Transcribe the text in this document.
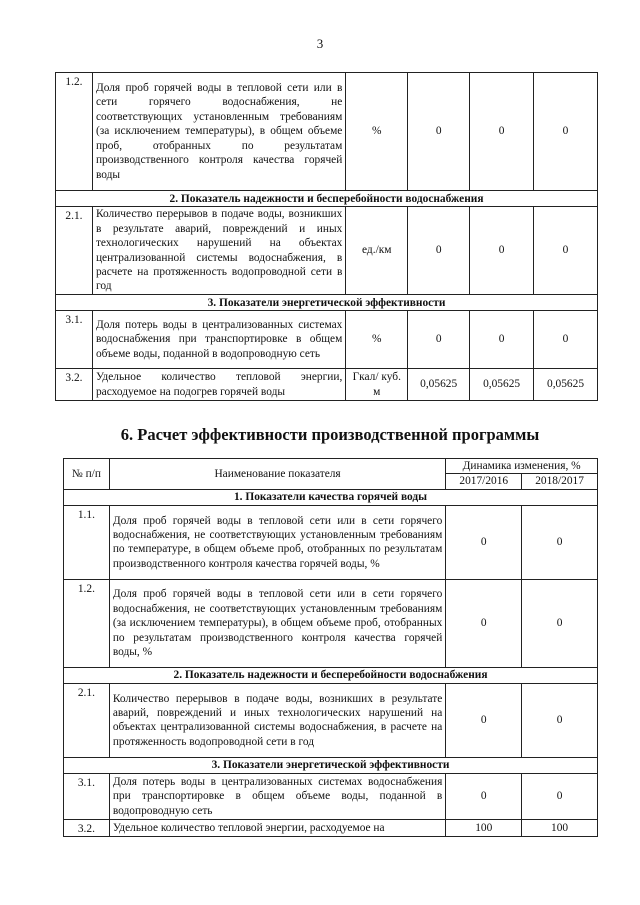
3
1.2.	Доля проб горячей воды в тепловой сети или в сети горячего водоснабжения, не соответствующих установленным требованиям (за исключением температуры), в общем объеме проб, отобранных по результатам производственного контроля качества горячей воды	%	0	0	0
2. Показатель надежности и бесперебойности водоснабжения					
2.1.	Количество перерывов в подаче воды, возникших в результате аварий, повреждений и иных технологических нарушений на объектах централизованной системы водоснабжения, в расчете на протяженность водопроводной сети в год	ед./км	0	0	0
3. Показатели энергетической эффективности					
3.1.	Доля потерь воды в централизованных системах водоснабжения при транспортировке в общем объеме воды, поданной в водопроводную сеть	%	0	0	0
3.2.	Удельное количество тепловой энергии, расходуемое на подогрев горячей воды	Гкал/ куб. м	0,05625	0,05625	0,05625
6. Расчет эффективности производственной программы
№ п/п	Наименование показателя	Динамика изменения, %	
		2017/2016	2018/2017
1. Показатели качества горячей воды			
1.1.	Доля проб горячей воды в тепловой сети или в сети горячего водоснабжения, не соответствующих установленным требованиям по температуре, в общем объеме проб, отобранных по результатам производственного контроля качества горячей воды, %	0	0
1.2.	Доля проб горячей воды в тепловой сети или в сети горячего водоснабжения, не соответствующих установленным требованиям (за исключением температуры), в общем объеме проб, отобранных по результатам производственного контроля качества горячей воды, %	0	0
2. Показатель надежности и бесперебойности водоснабжения			
2.1.	Количество перерывов в подаче воды, возникших в результате аварий, повреждений и иных технологических нарушений на объектах централизованной системы водоснабжения, в расчете на протяженность водопроводной сети в год	0	0
3. Показатели энергетической эффективности			
3.1.	Доля потерь воды в централизованных системах водоснабжения при транспортировке в общем объеме воды, поданной в водопроводную сеть	0	0
3.2.	Удельное количество тепловой энергии, расходуемое на	100	100
